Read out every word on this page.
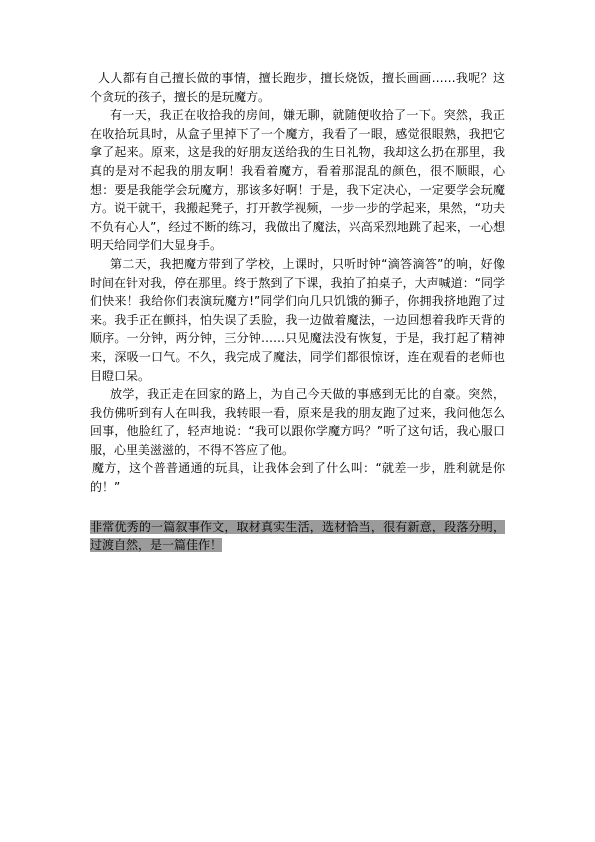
人人都有自己擅长做的事情，擅长跑步，擅长烧饭，擅长画画……我呢？这个贪玩的孩子，擅长的是玩魔方。

有一天，我正在收拾我的房间，嫌无聊，就随便收拾了一下。突然，我正在收拾玩具时，从盒子里掉下了一个魔方，我看了一眼，感觉很眼熟，我把它拿了起来。原来，这是我的好朋友送给我的生日礼物，我却这么扔在那里，我真的是对不起我的朋友啊！我看着魔方，看着那混乱的颜色，很不顺眼，心想：要是我能学会玩魔方，那该多好啊！于是，我下定决心，一定要学会玩魔方。说干就干，我搬起凳子，打开教学视频，一步一步的学起来，果然，“功夫不负有心人”，经过不断的练习，我做出了魔法，兴高采烈地跳了起来，一心想明天给同学们大显身手。

第二天，我把魔方带到了学校，上课时，只听时钟“滴答滴答”的响，好像时间在针对我，停在那里。终于熬到了下课，我拍了拍桌子，大声喊道：“同学们快来！我给你们表演玩魔方!”同学们向几只饥饿的狮子，你拥我挤地跑了过来。我手正在颤抖，怕失误了丢脸，我一边做着魔法，一边回想着我昨天背的顺序。一分钟，两分钟，三分钟……只见魔法没有恢复，于是，我打起了精神来，深吸一口气。不久，我完成了魔法，同学们都很惊讶，连在观看的老师也目瞪口呆。

放学，我正走在回家的路上，为自己今天做的事感到无比的自豪。突然，我仿佛听到有人在叫我，我转眼一看，原来是我的朋友跑了过来，我问他怎么回事，他脸红了，轻声地说：“我可以跟你学魔方吗？”听了这句话，我心服口服，心里美滋滋的，不得不答应了他。

魔方，这个普普通通的玩具，让我体会到了什么叫：“就差一步，胜利就是你的！”

非常优秀的一篇叙事作文，取材真实生活，选材恰当，很有新意，段落分明，过渡自然，是一篇佳作！
